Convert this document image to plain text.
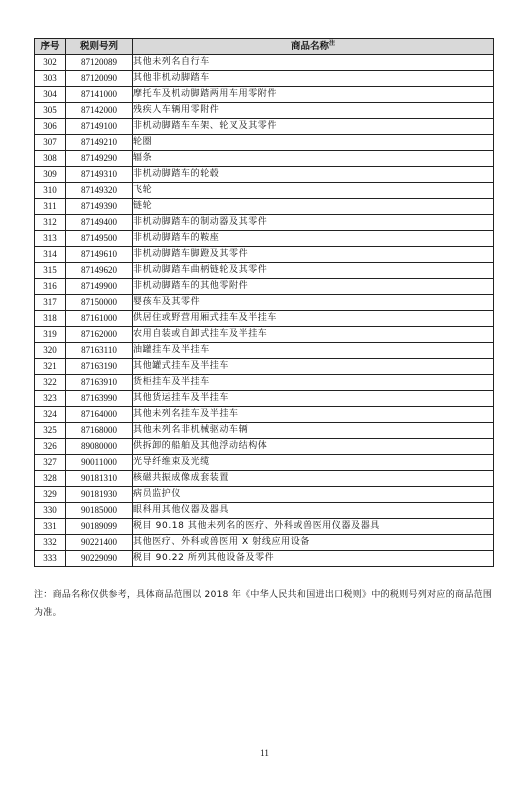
序号	税则号列	商品名称$^注$
302	87120089	其他未列名自行车
303	87120090	其他非机动脚踏车
304	87141000	摩托车及机动脚踏两用车用零附件
305	87142000	残疾人车辆用零附件
306	87149100	非机动脚踏车车架、轮叉及其零件
307	87149210	轮圈
308	87149290	辐条
309	87149310	非机动脚踏车的轮毂
310	87149320	飞轮
311	87149390	链轮
312	87149400	非机动脚踏车的制动器及其零件
313	87149500	非机动脚踏车的鞍座
314	87149610	非机动脚踏车脚蹬及其零件
315	87149620	非机动脚踏车曲柄链轮及其零件
316	87149900	非机动脚踏车的其他零附件
317	87150000	婴孩车及其零件
318	87161000	供居住或野营用厢式挂车及半挂车
319	87162000	农用自装或自卸式挂车及半挂车
320	87163110	油罐挂车及半挂车
321	87163190	其他罐式挂车及半挂车
322	87163910	货柜挂车及半挂车
323	87163990	其他货运挂车及半挂车
324	87164000	其他未列名挂车及半挂车
325	87168000	其他未列名非机械驱动车辆
326	89080000	供拆卸的船舶及其他浮动结构体
327	90011000	光导纤维束及光缆
328	90181310	核磁共振成像成套装置
329	90181930	病员监护仪
330	90185000	眼科用其他仪器及器具
331	90189099	税目 90.18 其他未列名的医疗、外科或兽医用仪器及器具
332	90221400	其他医疗、外科或兽医用 X 射线应用设备
333	90229090	税目 90.22 所列其他设备及零件

注：商品名称仅供参考，具体商品范围以 2018 年《中华人民共和国进出口税则》中的税则号列对应的商品范围为准。

11
